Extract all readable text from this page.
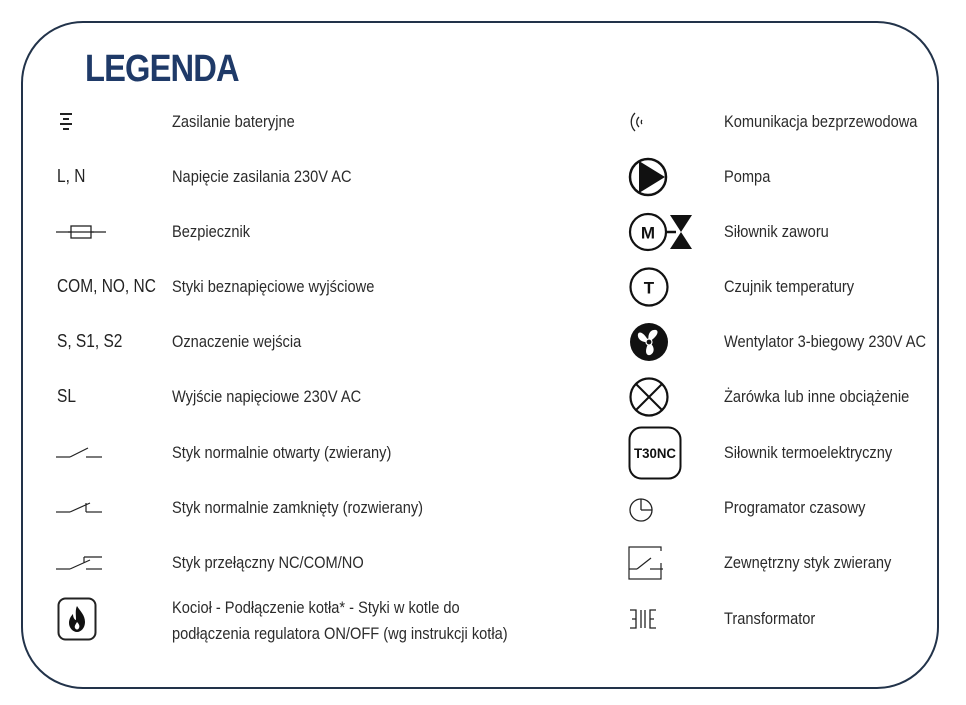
LEGENDA
Zasilanie bateryjne
L, N	Napięcie zasilania 230V AC
Bezpiecznik
COM, NO, NC Styki beznapięciowe wyjściowe
S, S1, S2	Oznaczenie wejścia
SL	Wyjście napięciowe 230V AC
Styk normalnie otwarty (zwierany)
Styk normalnie zamknięty (rozwierany)
Styk przełączny NC/COM/NO
Kocioł - Podłączenie kotła* - Styki w kotle do
podłączenia regulatora ON/OFF (wg instrukcji kotła)
Komunikacja bezprzewodowa
Pompa
M	Siłownik zaworu
T	Czujnik temperatury
Wentylator 3-biegowy 230V AC
Żarówka lub inne obciążenie
T30NC	Siłownik termoelektryczny
Programator czasowy
Zewnętrzny styk zwierany
Transformator
